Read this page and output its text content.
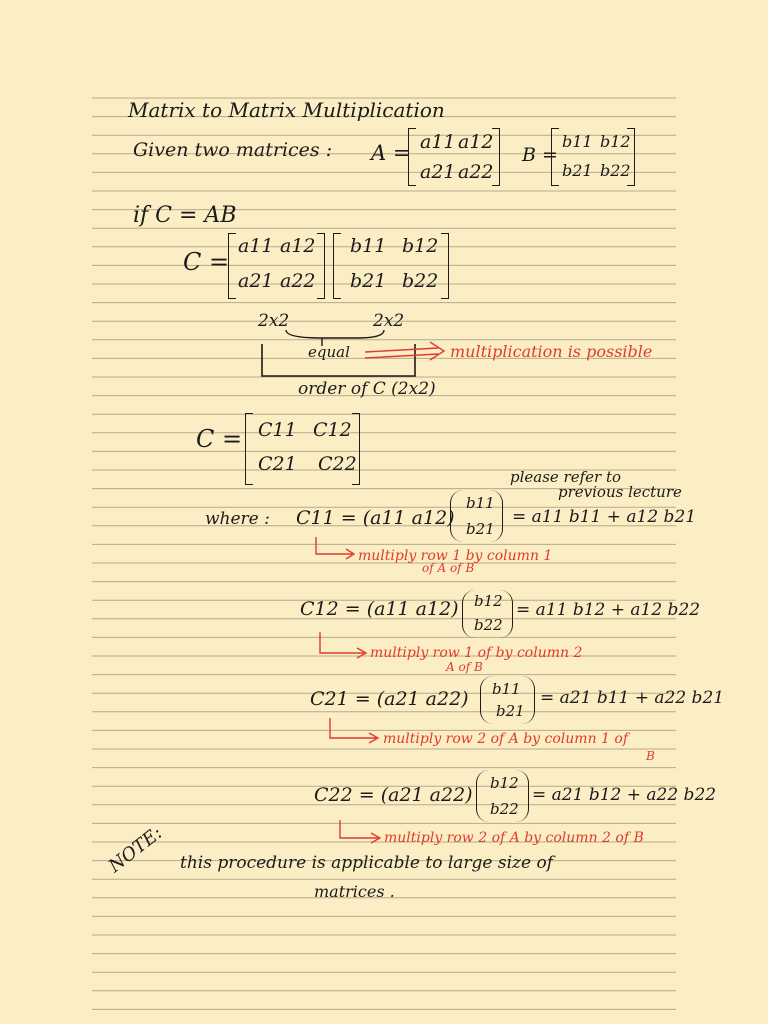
Matrix to Matrix Multiplication
Given two matrices : A = a11 a12
a21 a22
B =
b11 b12
b21 b22
if C = AB
C =
a11 a12
a21 a22
b11 b12
b21 b22
2x2	2x2
equal	multiplication is possible
order of C (2x2)
C = C11 C12
C21 C22
please refer to
previous lecture
where : C11 = (a11 a12)
b11
b21
= a11 b11 + a12 b21
multiply row 1 by column 1
of A of B
C12 = (a11 a12) b12
b22
= a11 b12 + a12 b22
multiply row 1 of by column 2
A of B
C21 = (a21 a22) b11
b21
= a21 b11 + a22 b21
multiply row 2 of A by column 1 of
B
C22 = (a21 a22)
b12
b22
= a21 b12 + a22 b22
multiply row 2 of A by column 2 of B
NOTE: this procedure is applicable to large size of
matrices .
